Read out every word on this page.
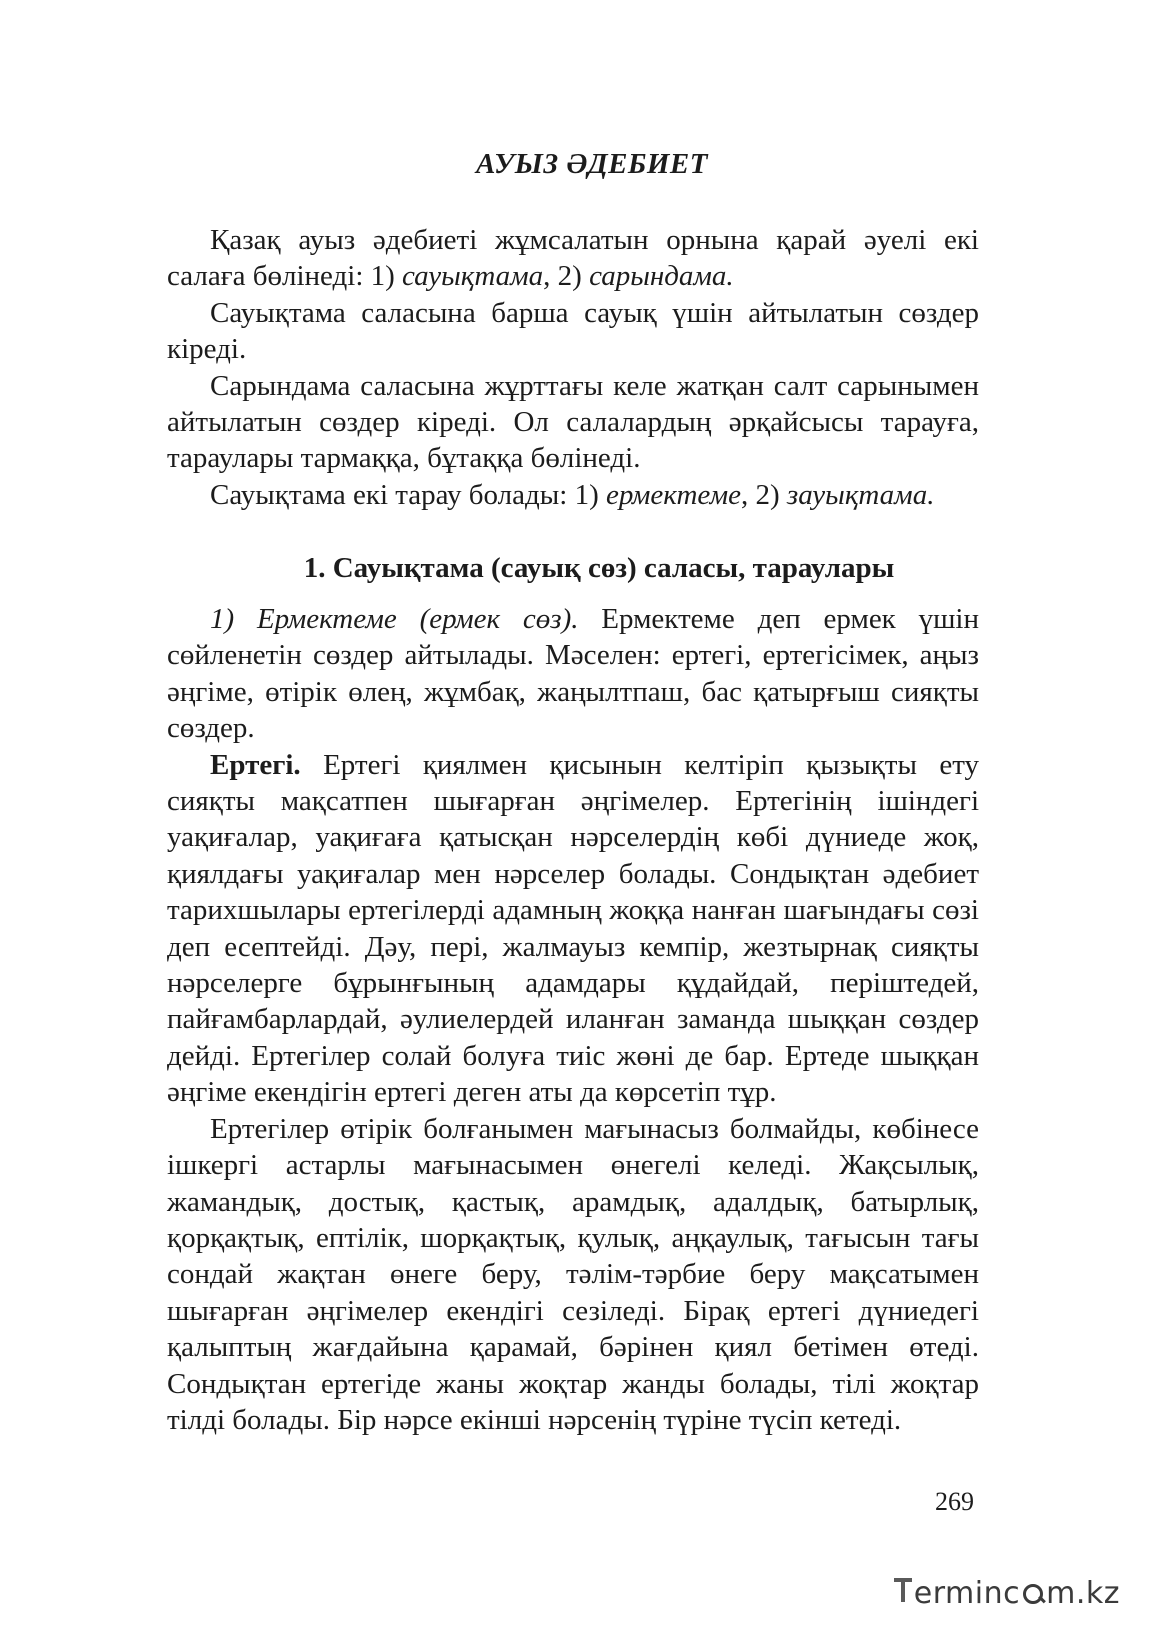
АУЫЗ ӘДЕБИЕТ

Қазақ ауыз әдебиеті жұмсалатын орнына қарай әуелі екі салаға бөлінеді: 1) сауықтама, 2) сарындама.

Сауықтама саласына барша сауық үшін айтылатын сөздер кіреді.

Сарындама саласына жұрттағы келе жатқан салт сарынымен айтылатын сөздер кіреді. Ол салалардың әрқайсысы тарауға, тараулары тармаққа, бұтаққа бөлінеді.

Сауықтама екі тарау болады: 1) ермектеме, 2) зауықтама.

1. Сауықтама (сауық сөз) саласы, тараулары

1) Ермектеме (ермек сөз). Ермектеме деп ермек үшін сөйленетін сөздер айтылады. Мәселен: ертегі, ертегісімек, аңыз әңгіме, өтірік өлең, жұмбақ, жаңылтпаш, бас қатырғыш сияқты сөздер.

Ертегі. Ертегі қиялмен қисынын келтіріп қызықты ету сияқты мақсатпен шығарған әңгімелер. Ертегінің ішіндегі уақиғалар, уақиғаға қатысқан нәрселердің көбі дүниеде жоқ, қиялдағы уақиғалар мен нәрселер болады. Сондықтан әдебиет тарихшылары ертегілерді адамның жоққа нанған шағындағы сөзі деп есептейді. Дәу, пері, жалмауыз кемпір, жезтырнақ сияқты нәрселерге бұрынғының адамдары құдайдай, періштедей, пайғамбарлардай, әулиелердей иланған заманда шыққан сөздер дейді. Ертегілер солай болуға тиіс жөні де бар. Ертеде шыққан әңгіме екендігін ертегі деген аты да көрсетіп тұр.

Ертегілер өтірік болғанымен мағынасыз болмайды, көбінесе ішкергі астарлы мағынасымен өнегелі келеді. Жақсылық, жамандық, достық, қастық, арамдық, адалдық, батырлық, қорқақтық, ептілік, шорқақтық, қулық, аңқаулық, тағысын тағы сондай жақтан өнеге беру, тәлім-тәрбие беру мақсатымен шығарған әңгімелер екендігі сезіледі. Бірақ ертегі дүниедегі қалыптың жағдайына қарамай, бәрінен қиял бетімен өтеді. Сондықтан ертегіде жаны жоқтар жанды болады, тілі жоқтар тілді болады. Бір нәрсе екінші нәрсенің түріне түсіп кетеді.

269
erminc m.kz
